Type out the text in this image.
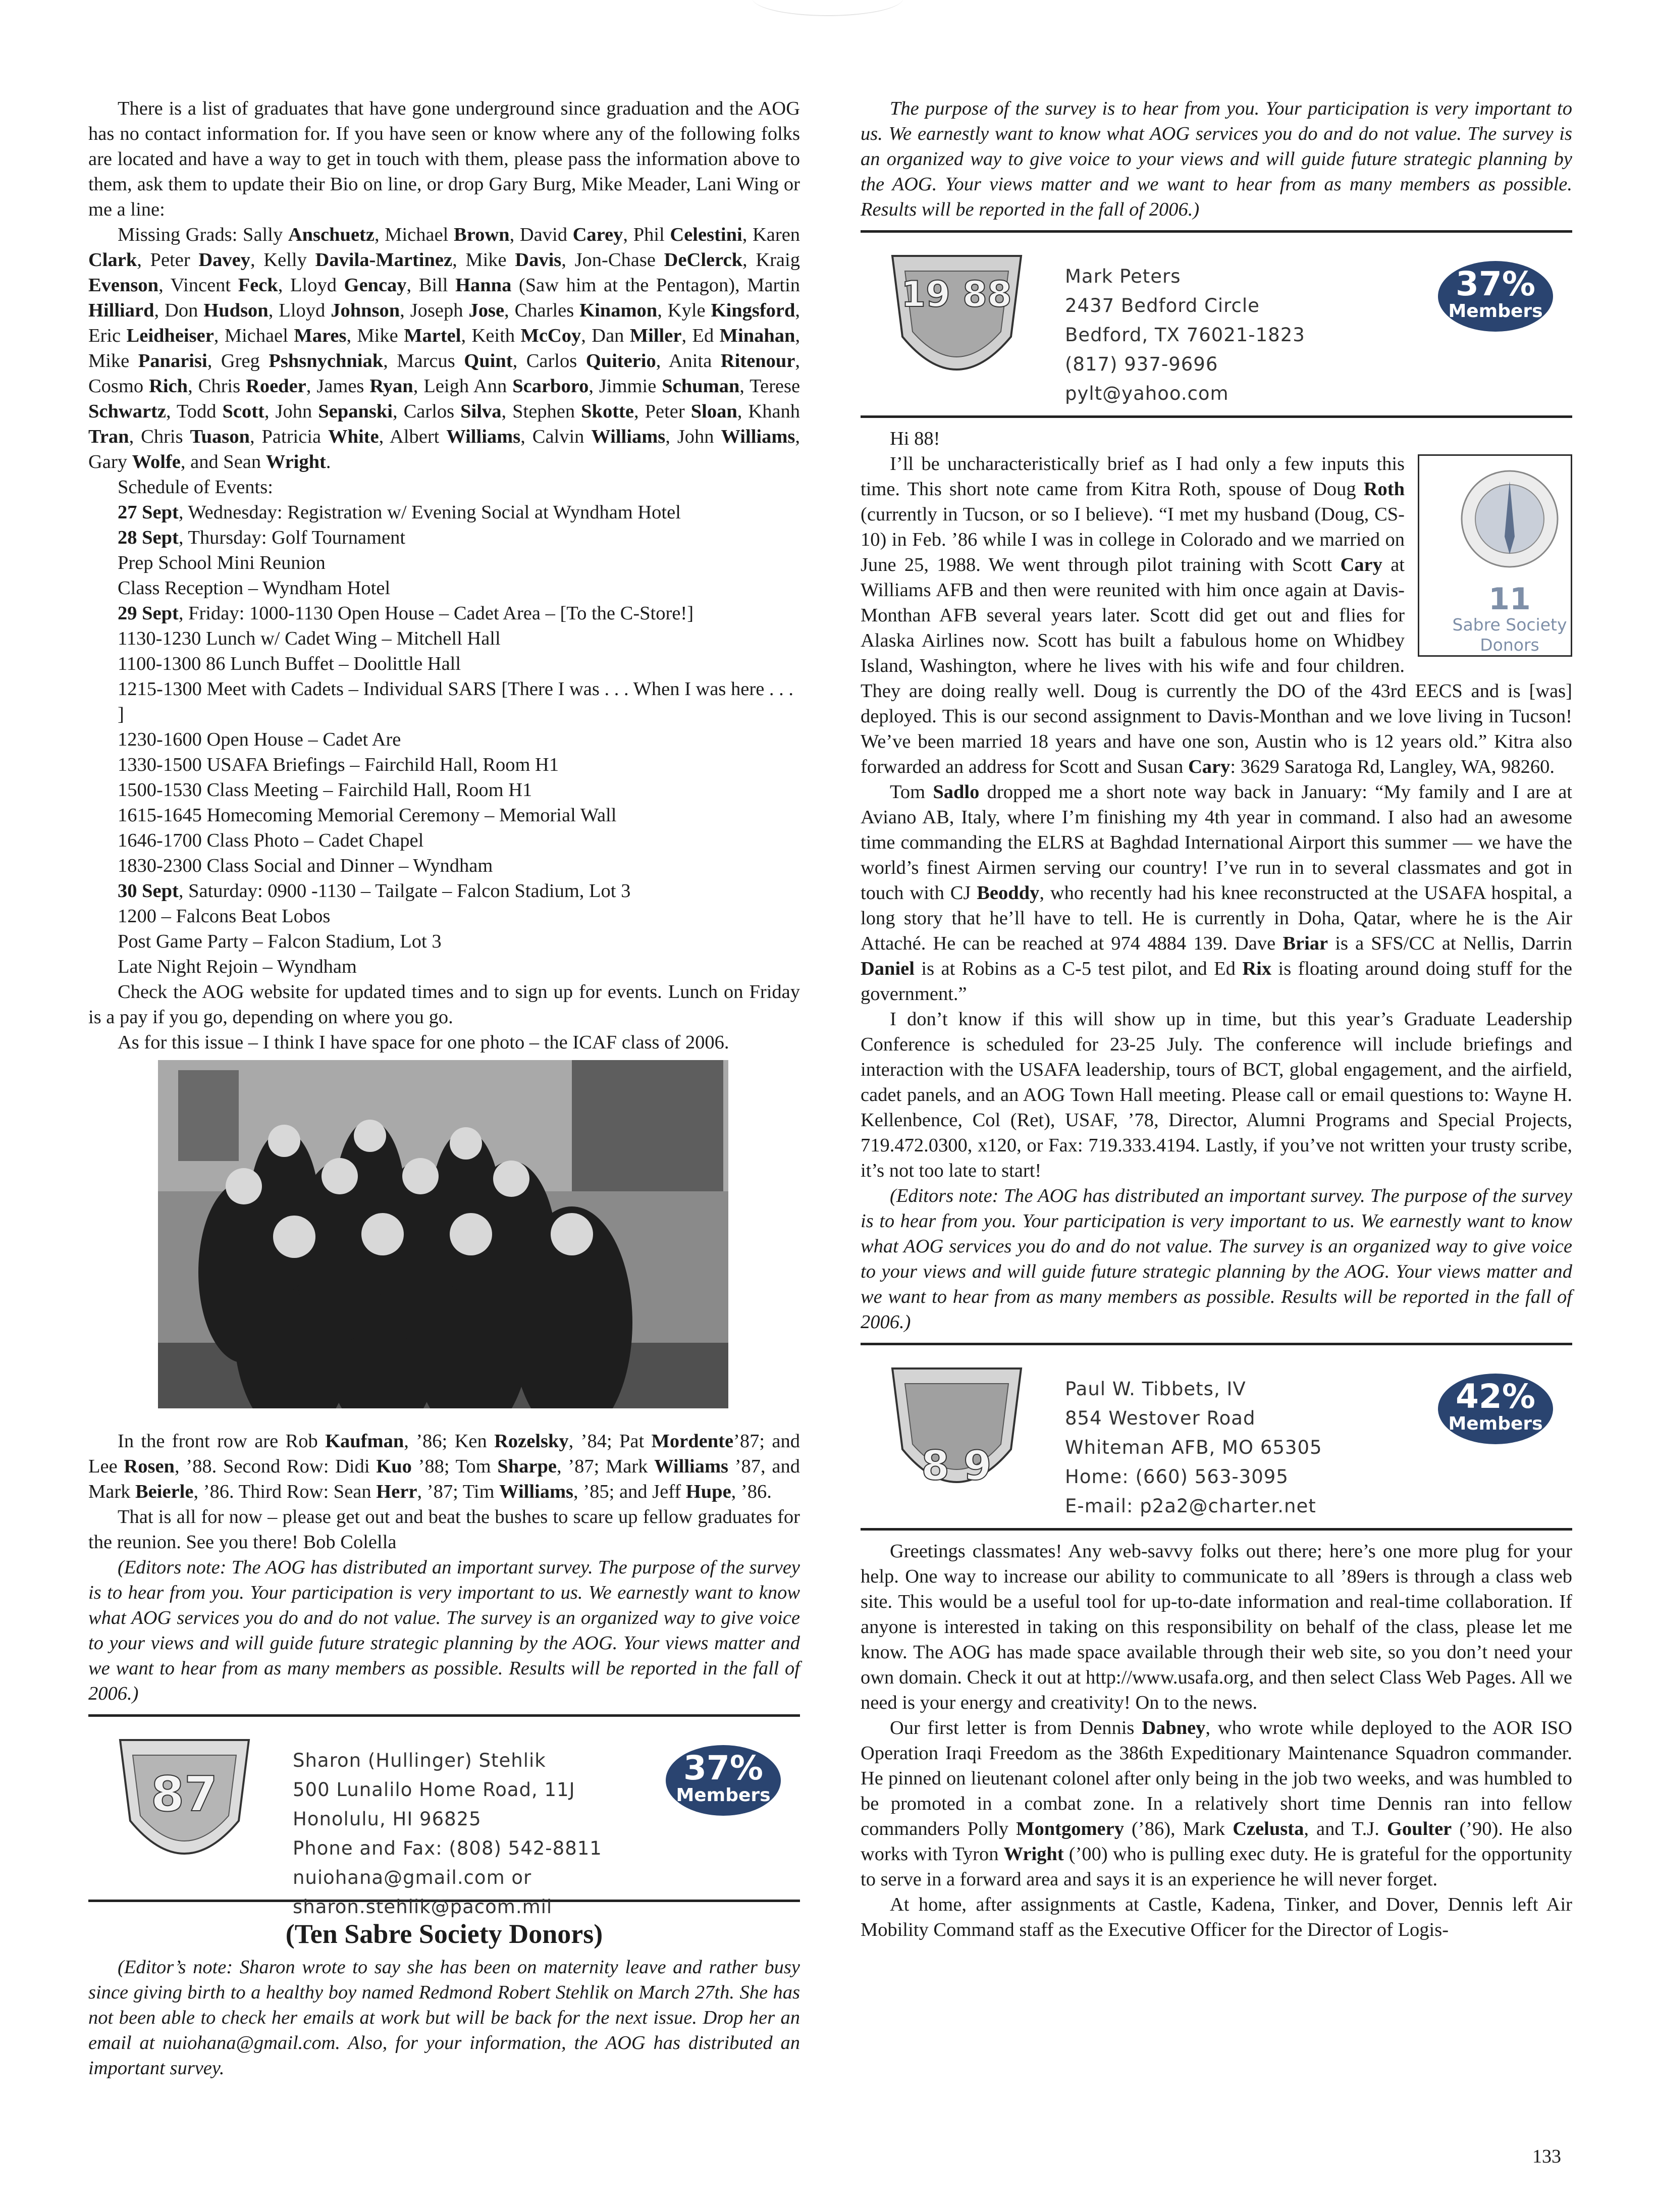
There is a list of graduates that have gone underground since graduation and the AOG has no contact information for. If you have seen or know where any of the following folks are located and have a way to get in touch with them, please pass the information above to them, ask them to update their Bio on line, or drop Gary Burg, Mike Meader, Lani Wing or me a line:

Missing Grads: Sally Anschuetz, Michael Brown, David Carey, Phil Celestini, Karen Clark, Peter Davey, Kelly Davila-Martinez, Mike Davis, Jon-Chase DeClerck, Kraig Evenson, Vincent Feck, Lloyd Gencay, Bill Hanna (Saw him at the Pentagon), Martin Hilliard, Don Hudson, Lloyd Johnson, Joseph Jose, Charles Kinamon, Kyle Kingsford, Eric Leidheiser, Michael Mares, Mike Martel, Keith McCoy, Dan Miller, Ed Minahan, Mike Panarisi, Greg Pshsnychniak, Marcus Quint, Carlos Quiterio, Anita Ritenour, Cosmo Rich, Chris Roeder, James Ryan, Leigh Ann Scarboro, Jimmie Schuman, Terese Schwartz, Todd Scott, John Sepanski, Carlos Silva, Stephen Skotte, Peter Sloan, Khanh Tran, Chris Tuason, Patricia White, Albert Williams, Calvin Williams, John Williams, Gary Wolfe, and Sean Wright.

Schedule of Events:

27 Sept, Wednesday: Registration w/ Evening Social at Wyndham Hotel
28 Sept, Thursday: Golf Tournament
Prep School Mini Reunion
Class Reception – Wyndham Hotel
29 Sept, Friday: 1000-1130 Open House – Cadet Area – [To the C-Store!]
1130-1230 Lunch w/ Cadet Wing – Mitchell Hall
1100-1300 86 Lunch Buffet – Doolittle Hall
1215-1300 Meet with Cadets – Individual SARS [There I was . . . When I was here . . . ]
1230-1600 Open House – Cadet Are
1330-1500 USAFA Briefings – Fairchild Hall, Room H1
1500-1530 Class Meeting – Fairchild Hall, Room H1
1615-1645 Homecoming Memorial Ceremony – Memorial Wall
1646-1700 Class Photo – Cadet Chapel
1830-2300 Class Social and Dinner – Wyndham
30 Sept, Saturday: 0900 -1130 – Tailgate – Falcon Stadium, Lot 3
1200 – Falcons Beat Lobos
Post Game Party – Falcon Stadium, Lot 3
Late Night Rejoin – Wyndham

Check the AOG website for updated times and to sign up for events. Lunch on Friday is a pay if you go, depending on where you go.

As for this issue – I think I have space for one photo – the ICAF class of 2006.

In the front row are Rob Kaufman, ’86; Ken Rozelsky, ’84; Pat Mordente’87; and Lee Rosen, ’88. Second Row: Didi Kuo ’88; Tom Sharpe, ’87; Mark Williams ’87, and Mark Beierle, ’86. Third Row: Sean Herr, ’87; Tim Williams, ’85; and Jeff Hupe, ’86.

That is all for now – please get out and beat the bushes to scare up fellow graduates for the reunion. See you there! Bob Colella

(Editors note: The AOG has distributed an important survey. The purpose of the survey is to hear from you. Your participation is very important to us. We earnestly want to know what AOG services you do and do not value. The survey is an organized way to give voice to your views and will guide future strategic planning by the AOG. Your views matter and we want to hear from as many members as possible. Results will be reported in the fall of 2006.)

87
Sharon (Hullinger) Stehlik
500 Lunalilo Home Road, 11J
Honolulu, HI 96825
Phone and Fax: (808) 542-8811
nuiohana@gmail.com or
sharon.stehlik@pacom.mil
37%
Members
(Ten Sabre Society Donors)

(Editor’s note: Sharon wrote to say she has been on maternity leave and rather busy since giving birth to a healthy boy named Redmond Robert Stehlik on March 27th. She has not been able to check her emails at work but will be back for the next issue. Drop her an email at nuiohana@gmail.com. Also, for your information, the AOG has distributed an important survey.

The purpose of the survey is to hear from you. Your participation is very important to us. We earnestly want to know what AOG services you do and do not value. The survey is an organized way to give voice to your views and will guide future strategic planning by the AOG. Your views matter and we want to hear from as many members as possible. Results will be reported in the fall of 2006.)

19 88	Mark Peters
2437 Bedford Circle
Bedford, TX 76021-1823
(817) 937-9696
pylt@yahoo.com
37%
Members

Hi 88!

11
Sabre Society
Donors
I’ll be uncharacteristically brief as I had only a few inputs this time. This short note came from Kitra Roth, spouse of Doug Roth (currently in Tucson, or so I believe). “I met my husband (Doug, CS-10) in Feb. ’86 while I was in college in Colorado and we married on June 25, 1988. We went through pilot training with Scott Cary at Williams AFB and then were reunited with him once again at Davis-Monthan AFB several years later. Scott did get out and flies for Alaska Airlines now. Scott has built a fabulous home on Whidbey Island, Washington, where he lives with his wife and four children. They are doing really well. Doug is currently the DO of the 43rd EECS and is [was] deployed. This is our second assignment to Davis-Monthan and we love living in Tucson! We’ve been married 18 years and have one son, Austin who is 12 years old.” Kitra also forwarded an address for Scott and Susan Cary: 3629 Saratoga Rd, Langley, WA, 98260.

Tom Sadlo dropped me a short note way back in January: “My family and I are at Aviano AB, Italy, where I’m finishing my 4th year in command. I also had an awesome time commanding the ELRS at Baghdad International Airport this summer — we have the world’s finest Airmen serving our country! I’ve run in to several classmates and got in touch with CJ Beoddy, who recently had his knee reconstructed at the USAFA hospital, a long story that he’ll have to tell. He is currently in Doha, Qatar, where he is the Air Attaché. He can be reached at 974 4884 139. Dave Briar is a SFS/CC at Nellis, Darrin Daniel is at Robins as a C-5 test pilot, and Ed Rix is floating around doing stuff for the government.”

I don’t know if this will show up in time, but this year’s Graduate Leadership Conference is scheduled for 23-25 July. The conference will include briefings and interaction with the USAFA leadership, tours of BCT, global engagement, and the airfield, cadet panels, and an AOG Town Hall meeting. Please call or email questions to: Wayne H. Kellenbence, Col (Ret), USAF, ’78, Director, Alumni Programs and Special Projects, 719.472.0300, x120, or Fax: 719.333.4194. Lastly, if you’ve not written your trusty scribe, it’s not too late to start!

(Editors note: The AOG has distributed an important survey. The purpose of the survey is to hear from you. Your participation is very important to us. We earnestly want to know what AOG services you do and do not value. The survey is an organized way to give voice to your views and will guide future strategic planning by the AOG. Your views matter and we want to hear from as many members as possible. Results will be reported in the fall of 2006.)

8 9
Paul W. Tibbets, IV
854 Westover Road
Whiteman AFB, MO 65305
Home: (660) 563-3095
E-mail: p2a2@charter.net
42%
Members

Greetings classmates! Any web-savvy folks out there; here’s one more plug for your help. One way to increase our ability to communicate to all ’89ers is through a class web site. This would be a useful tool for up-to-date information and real-time collaboration. If anyone is interested in taking on this responsibility on behalf of the class, please let me know. The AOG has made space available through their web site, so you don’t need your own domain. Check it out at http://www.usafa.org, and then select Class Web Pages. All we need is your energy and creativity! On to the news.

Our first letter is from Dennis Dabney, who wrote while deployed to the AOR ISO Operation Iraqi Freedom as the 386th Expeditionary Maintenance Squadron commander. He pinned on lieutenant colonel after only being in the job two weeks, and was humbled to be promoted in a combat zone. In a relatively short time Dennis ran into fellow commanders Polly Montgomery (’86), Mark Czelusta, and T.J. Goulter (’90). He also works with Tyron Wright (’00) who is pulling exec duty. He is grateful for the opportunity to serve in a forward area and says it is an experience he will never forget.

At home, after assignments at Castle, Kadena, Tinker, and Dover, Dennis left Air Mobility Command staff as the Executive Officer for the Director of Logis-

133
